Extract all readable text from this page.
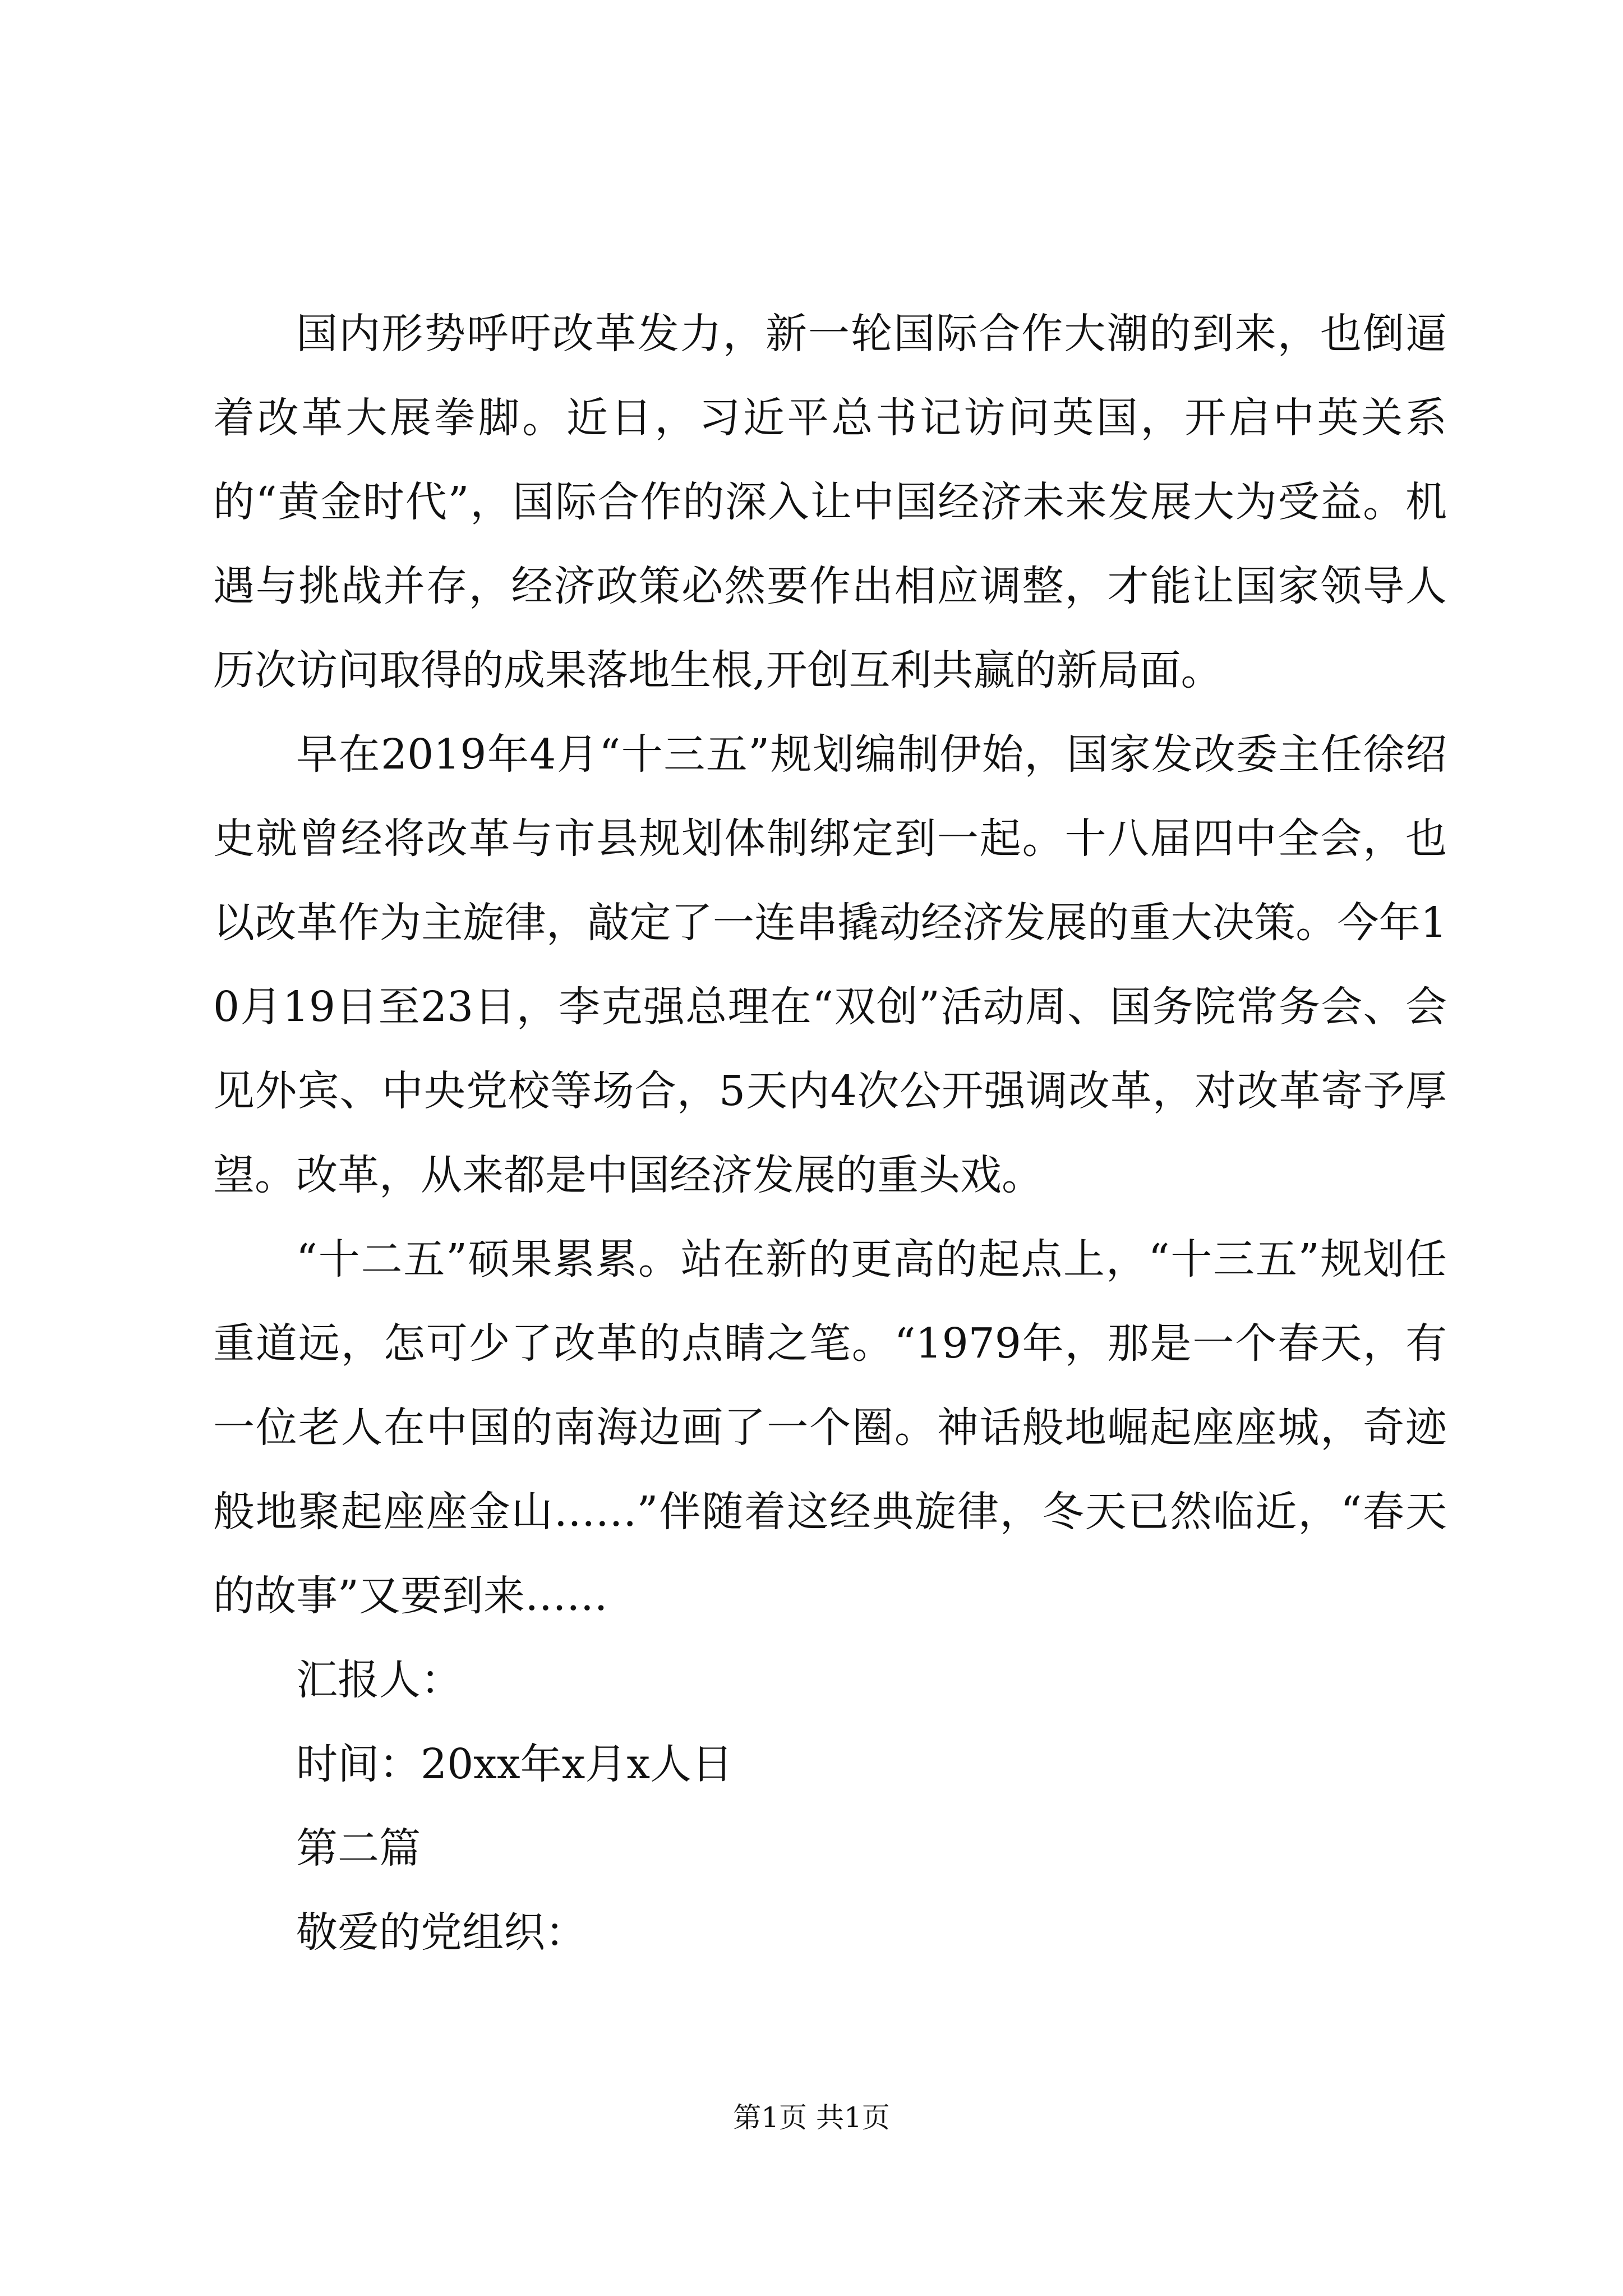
国内形势呼吁改革发力，新一轮国际合作大潮的到来，也倒逼着改革大展拳脚。近日，习近平总书记访问英国，开启中英关系的“黄金时代”，国际合作的深入让中国经济未来发展大为受益。机遇与挑战并存，经济政策必然要作出相应调整，才能让国家领导人历次访问取得的成果落地生根,开创互利共赢的新局面。

早在2019年4月“十三五”规划编制伊始，国家发改委主任徐绍史就曾经将改革与市县规划体制绑定到一起。十八届四中全会，也以改革作为主旋律，敲定了一连串撬动经济发展的重大决策。今年10月19日至23日，李克强总理在“双创”活动周、国务院常务会、会见外宾、中央党校等场合，5天内4次公开强调改革，对改革寄予厚望。改革，从来都是中国经济发展的重头戏。

“十二五”硕果累累。站在新的更高的起点上，“十三五”规划任重道远，怎可少了改革的点睛之笔。“1979年，那是一个春天，有一位老人在中国的南海边画了一个圈。神话般地崛起座座城，奇迹般地聚起座座金山……”伴随着这经典旋律，冬天已然临近，“春天的故事”又要到来……

汇报人：

时间：20xx年x月x人日

第二篇

敬爱的党组织：

第1页 共1页
